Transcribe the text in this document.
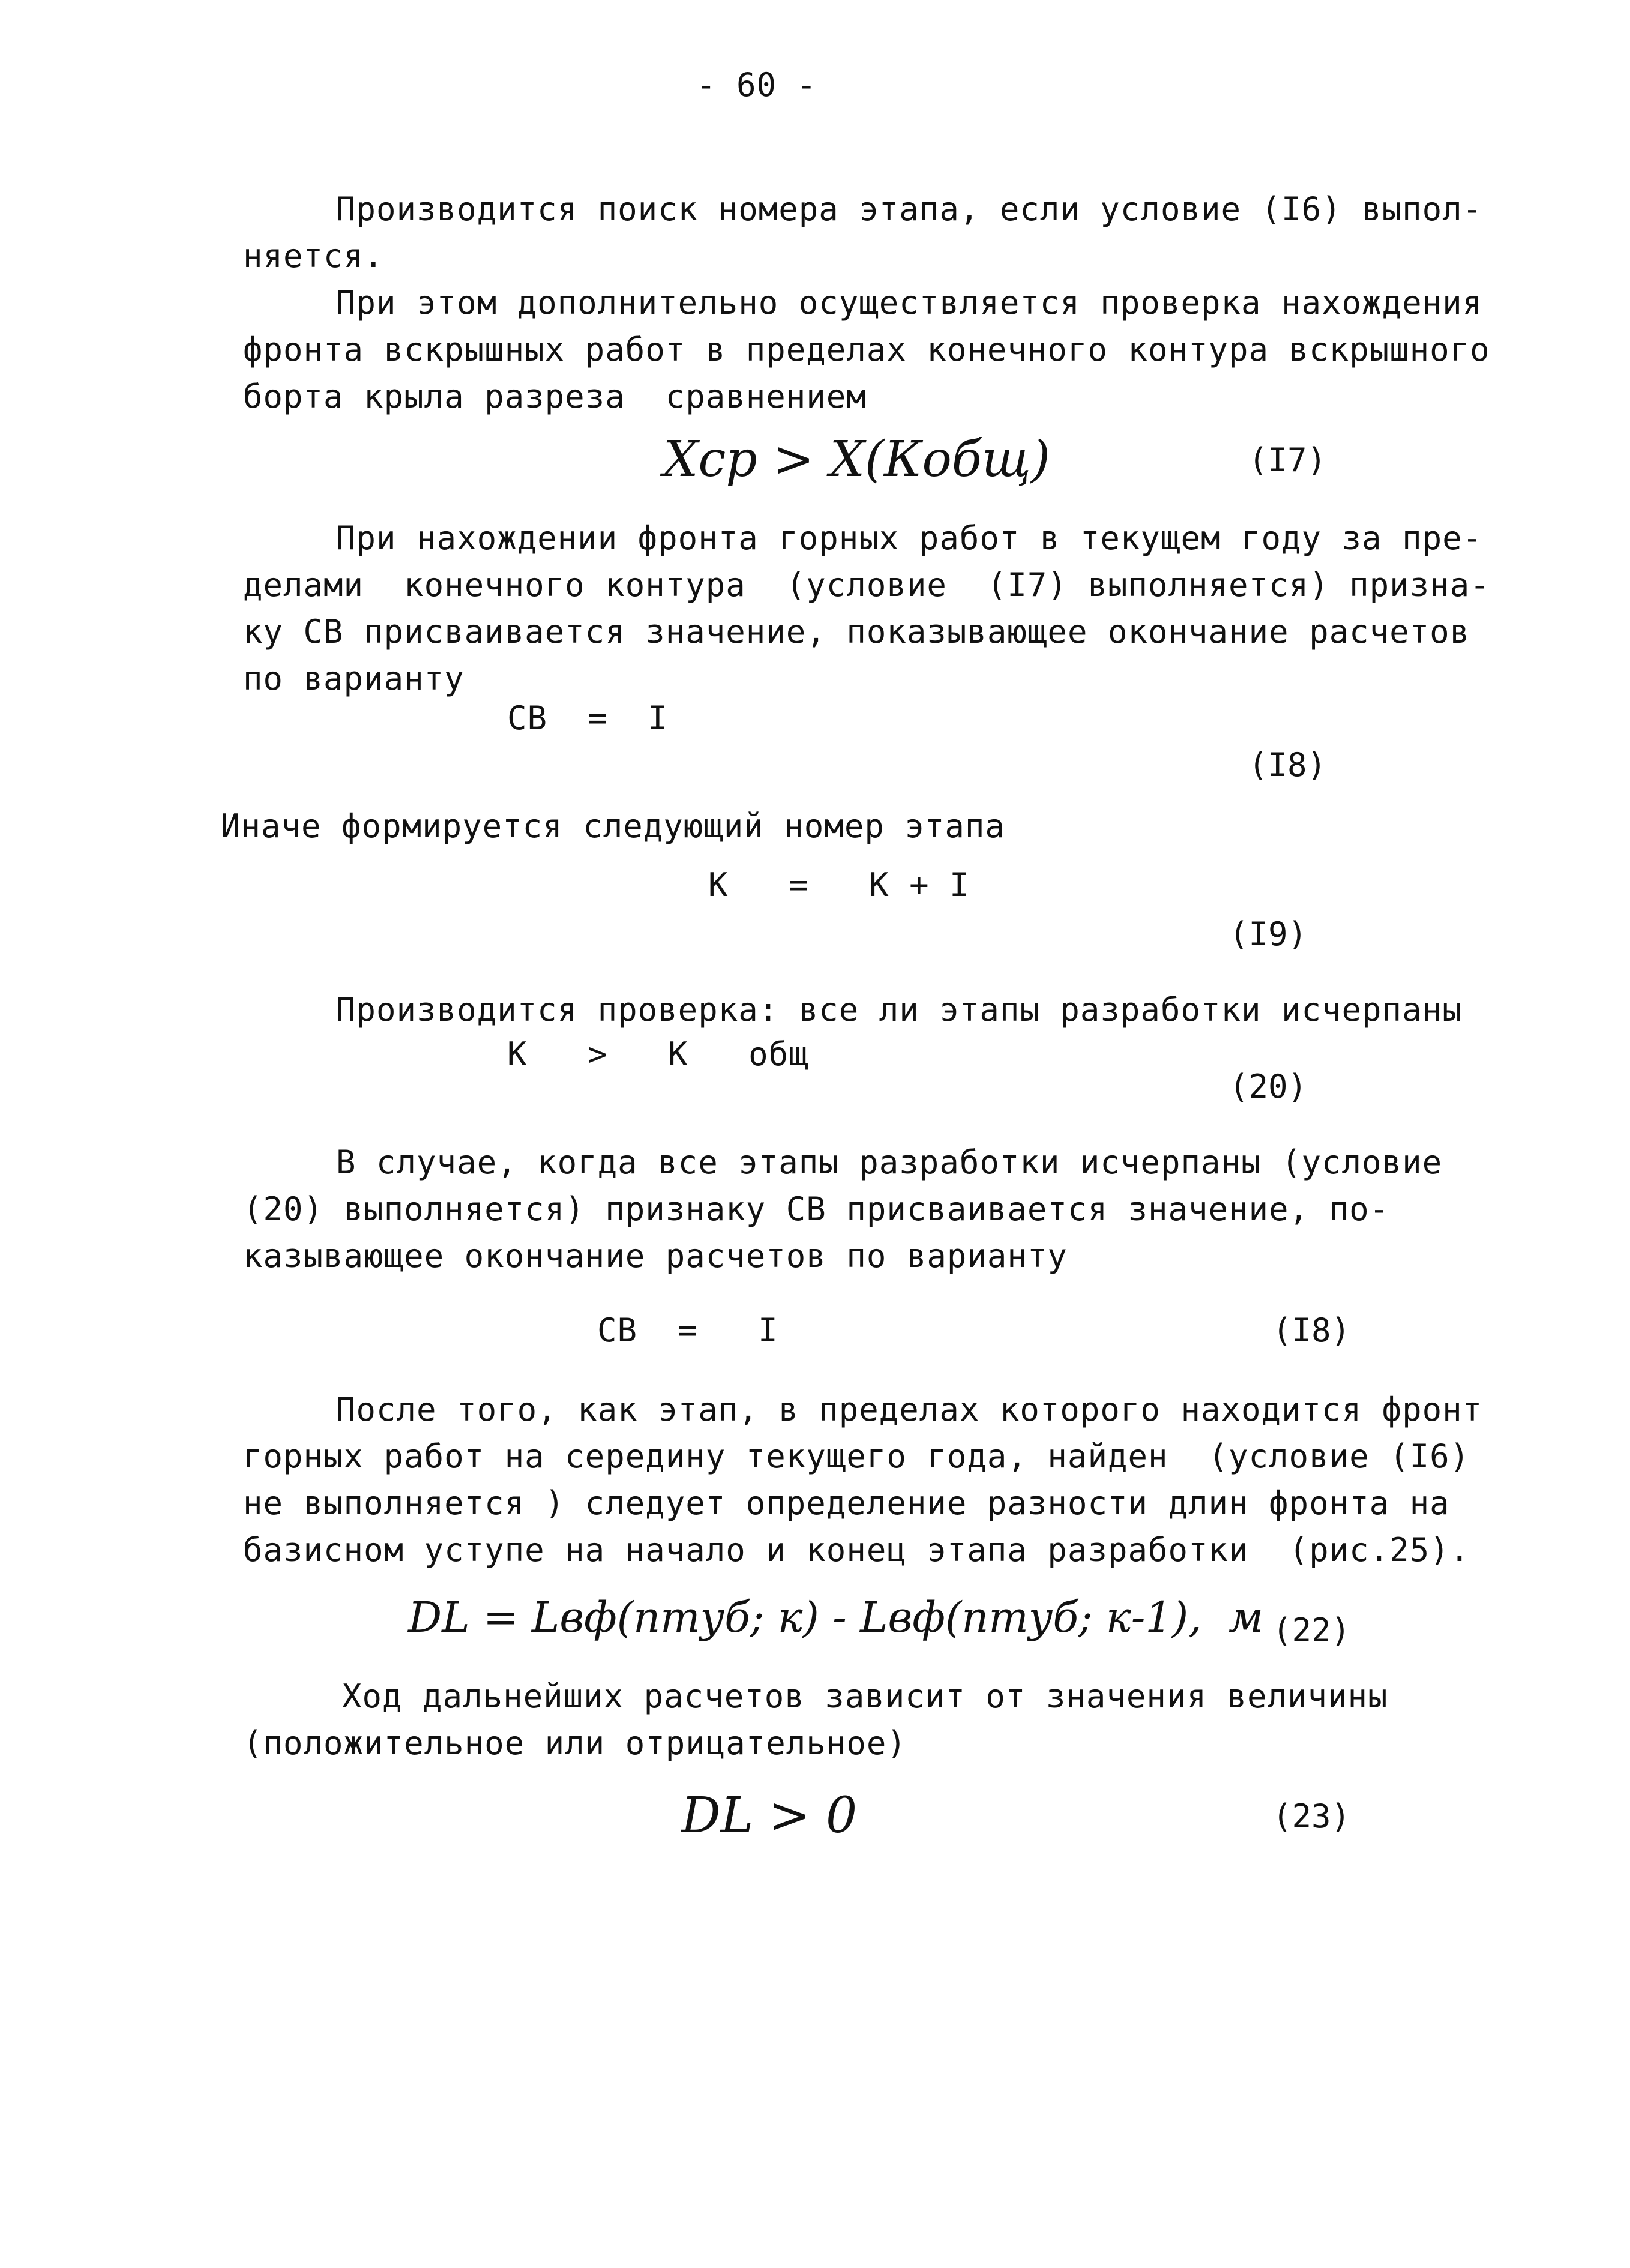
- 60 -
Производится поиск номера этапа, если условие (I6) выпол-
няется.
При этом дополнительно осуществляется проверка нахождения
фронта вскрышных работ в пределах конечного контура вскрышного
борта крыла разреза  сравнением
Xср > X(Кобщ)	(I7)
При нахождении фронта горных работ в текущем году за пре-
делами  конечного контура  (условие  (I7) выполняется) призна-
ку СВ присваивается значение, показывающее окончание расчетов
по варианту
СВ  =  I
(I8)
Иначе формируется следующий номер этапа
К   =   К + I
(I9)
Производится проверка: все ли этапы разработки исчерпаны
К   >   К   общ
(20)
В случае, когда все этапы разработки исчерпаны (условие
(20) выполняется) признаку СВ присваивается значение, по-
казывающее окончание расчетов по варианту
СВ  =   I	(I8)
После того, как этап, в пределах которого находится фронт
горных работ на середину текущего года, найден  (условие (I6)
не выполняется ) следует определение разности длин фронта на
базисном уступе на начало и конец этапа разработки  (рис.25).
DL = Lвф(nmуб; к) - Lвф(nmуб; к-1),  м (22)
Ход дальнейших расчетов зависит от значения величины
(положительное или отрицательное)
DL > 0	(23)
